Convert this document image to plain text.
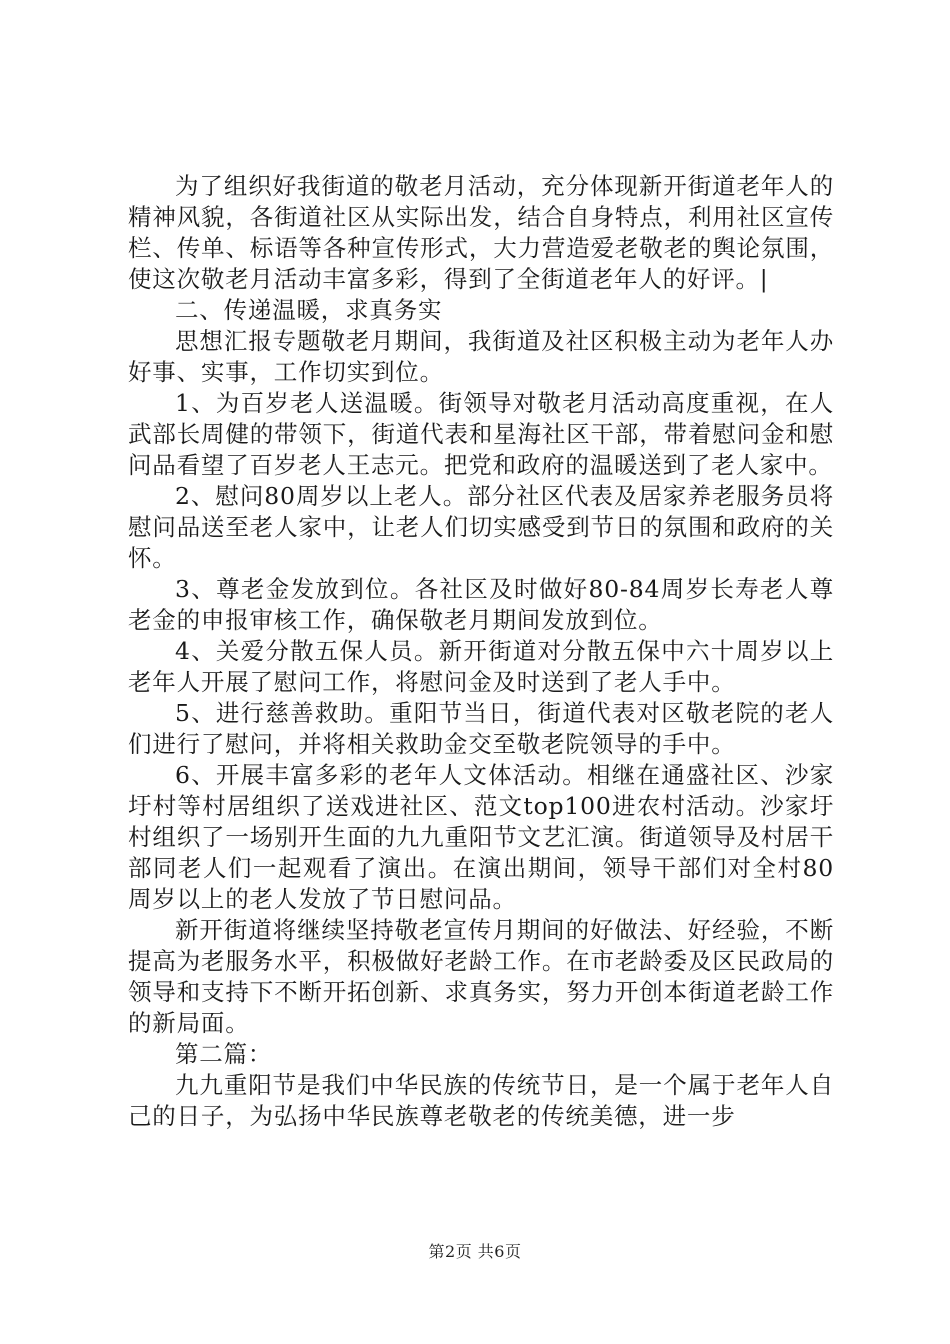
为了组织好我街道的敬老月活动，充分体现新开街道老年人的精神风貌，各街道社区从实际出发，结合自身特点，利用社区宣传栏、传单、标语等各种宣传形式，大力营造爱老敬老的舆论氛围，使这次敬老月活动丰富多彩，得到了全街道老年人的好评。|

二、传递温暖，求真务实

思想汇报专题敬老月期间，我街道及社区积极主动为老年人办好事、实事，工作切实到位。

1、为百岁老人送温暖。街领导对敬老月活动高度重视，在人武部长周健的带领下，街道代表和星海社区干部，带着慰问金和慰问品看望了百岁老人王志元。把党和政府的温暖送到了老人家中。

2、慰问80周岁以上老人。部分社区代表及居家养老服务员将慰问品送至老人家中，让老人们切实感受到节日的氛围和政府的关怀。

3、尊老金发放到位。各社区及时做好80-84周岁长寿老人尊老金的申报审核工作，确保敬老月期间发放到位。

4、关爱分散五保人员。新开街道对分散五保中六十周岁以上老年人开展了慰问工作，将慰问金及时送到了老人手中。

5、进行慈善救助。重阳节当日，街道代表对区敬老院的老人们进行了慰问，并将相关救助金交至敬老院领导的手中。

6、开展丰富多彩的老年人文体活动。相继在通盛社区、沙家圩村等村居组织了送戏进社区、范文top100进农村活动。沙家圩村组织了一场别开生面的九九重阳节文艺汇演。街道领导及村居干部同老人们一起观看了演出。在演出期间，领导干部们对全村80周岁以上的老人发放了节日慰问品。

新开街道将继续坚持敬老宣传月期间的好做法、好经验，不断提高为老服务水平，积极做好老龄工作。在市老龄委及区民政局的领导和支持下不断开拓创新、求真务实，努力开创本街道老龄工作的新局面。

第二篇：

九九重阳节是我们中华民族的传统节日，是一个属于老年人自己的日子，为弘扬中华民族尊老敬老的传统美德，进一步

第2页 共6页
